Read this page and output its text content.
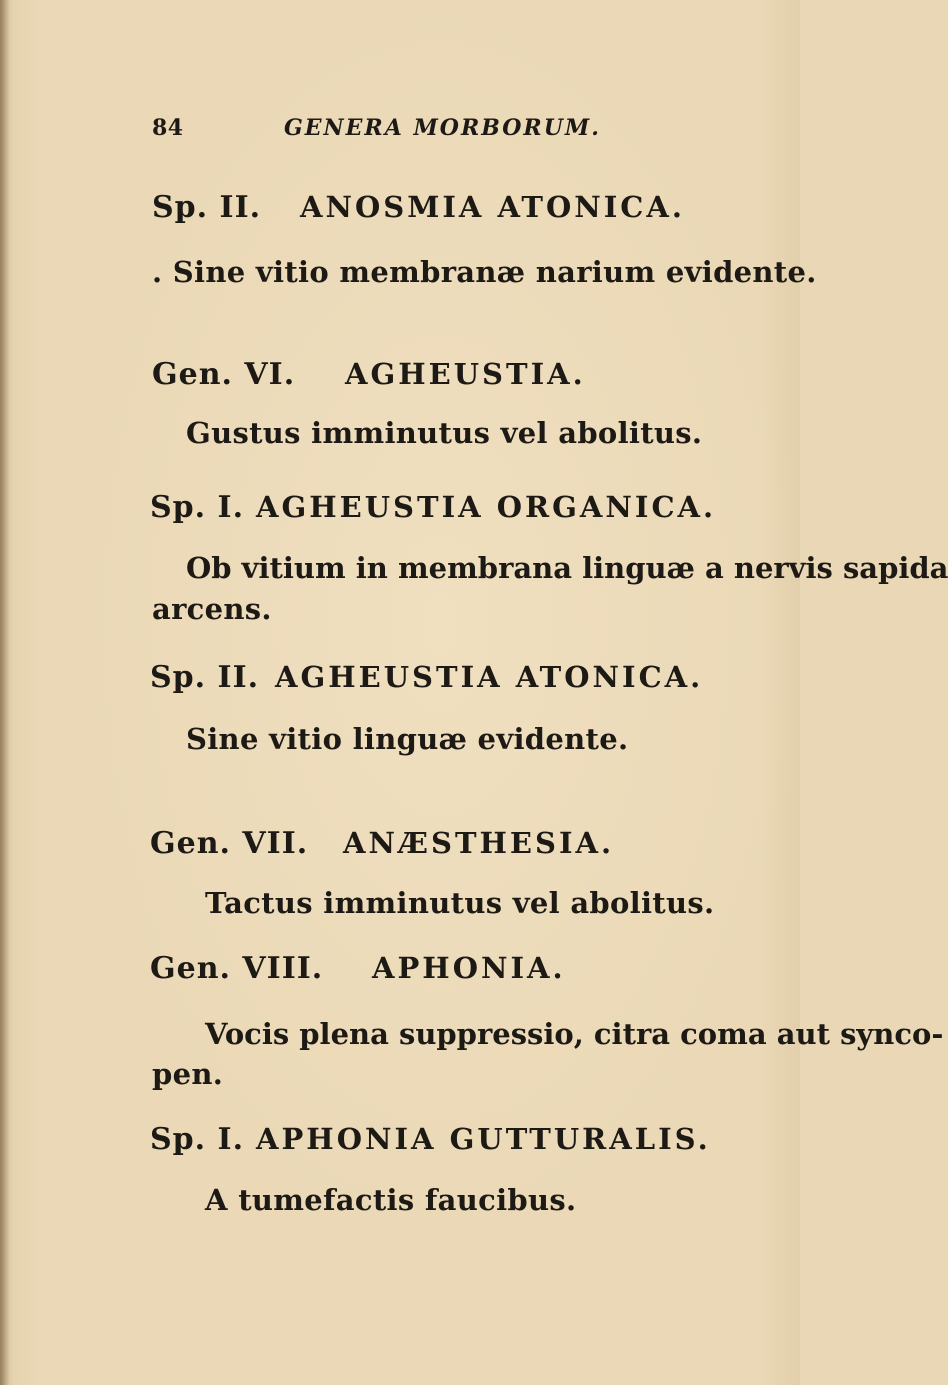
84	GENERA MORBORUM.
Sp. II. ANOSMIA ATONICA.
. Sine vitio membranæ narium evidente.
Gen. VI. AGHEUSTIA.
Gustus imminutus vel abolitus.
Sp. I. AGHEUSTIA ORGANICA.
Ob vitium in membrana linguæ a nervis sapida
arcens.
Sp. II. AGHEUSTIA ATONICA.
Sine vitio linguæ evidente.
Gen. VII. ANÆSTHESIA.
Tactus imminutus vel abolitus.
Gen. VIII. APHONIA.
Vocis plena suppressio, citra coma aut synco-
pen.
Sp. I. APHONIA GUTTURALIS.
A tumefactis faucibus.
